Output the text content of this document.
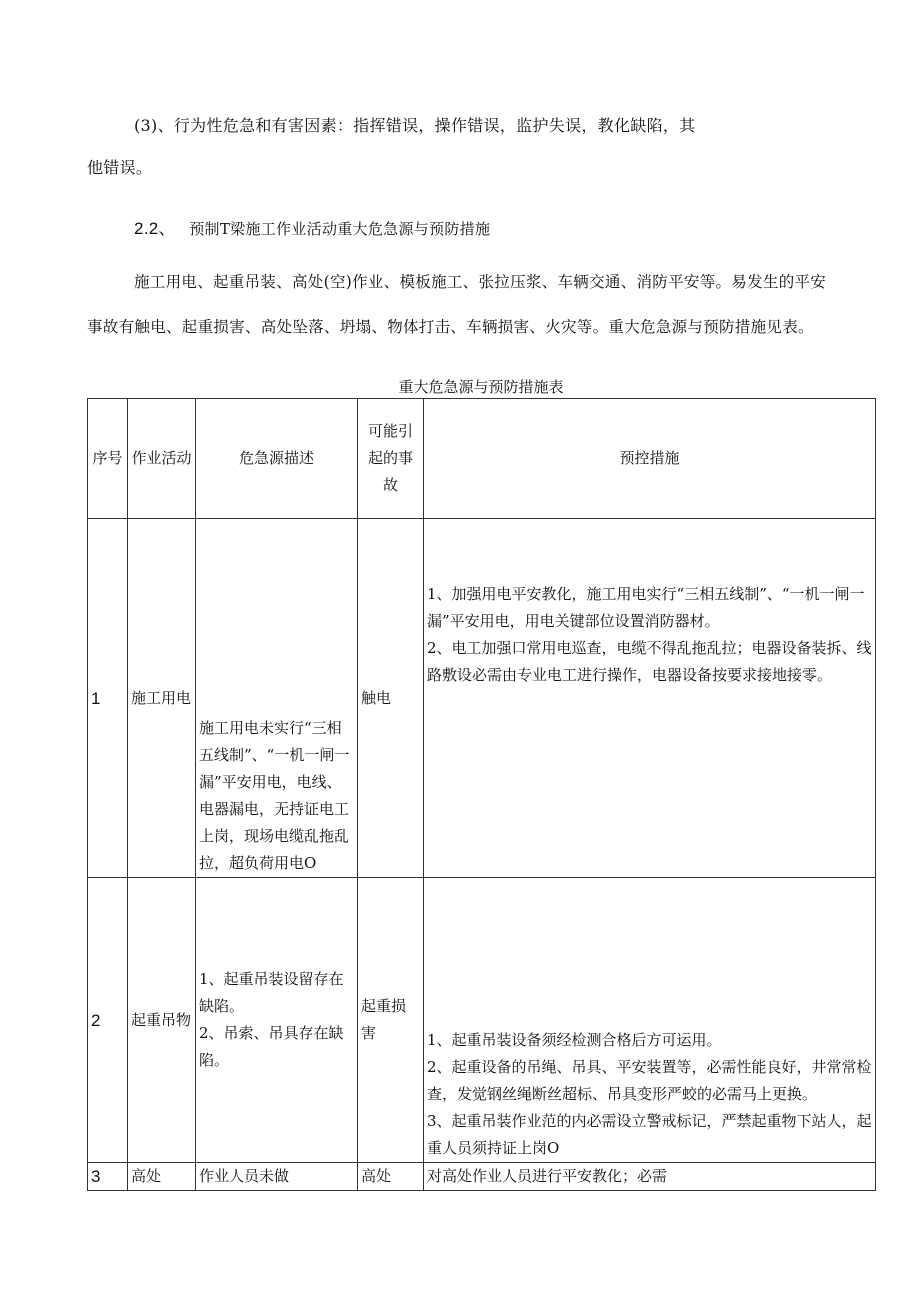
(3)、行为性危急和有害因素：指挥错误，操作错误，监护失误，教化缺陷，其
他错误。
2.2、 预制T梁施工作业活动重大危急源与预防措施
施工用电、起重吊装、高处(空)作业、模板施工、张拉压浆、车辆交通、消防平安等。易发生的平安
事故有触电、起重损害、高处坠落、坍塌、物体打击、车辆损害、火灾等。重大危急源与预防措施见表。
重大危急源与预防措施表
序号	作业活动	危急源描述	可能引起的事故	预控措施
1	施工用电	施工用电未实行“三相五线制”、“一机一闸一漏”平安用电，电线、电器漏电，无持证电工上岗，现场电缆乱拖乱拉，超负荷用电O	触电	1、加强用电平安教化，施工用电实行“三相五线制”、“一机一闸一漏”平安用电，用电关键部位设置消防器材。
2、电工加强口常用电巡查，电缆不得乱拖乱拉；电器设备装拆、线路敷设必需由专业电工进行操作，电器设备按要求接地接零。

2	起重吊物	1、起重吊装设留存在缺陷。
2、吊索、吊具存在缺陷。	起重损害	1、起重吊装设备须经检测合格后方可运用。
2、起重设备的吊绳、吊具、平安装置等，必需性能良好，井常常检查，发觉钢丝绳断丝超标、吊具变形严蛟的必需马上更换。
3、起重吊装作业范的内必需设立警戒标记，严禁起重物下站人，起重人员须持证上岗O

3	高处	作业人员未做	高处	对高处作业人员进行平安教化；必需
